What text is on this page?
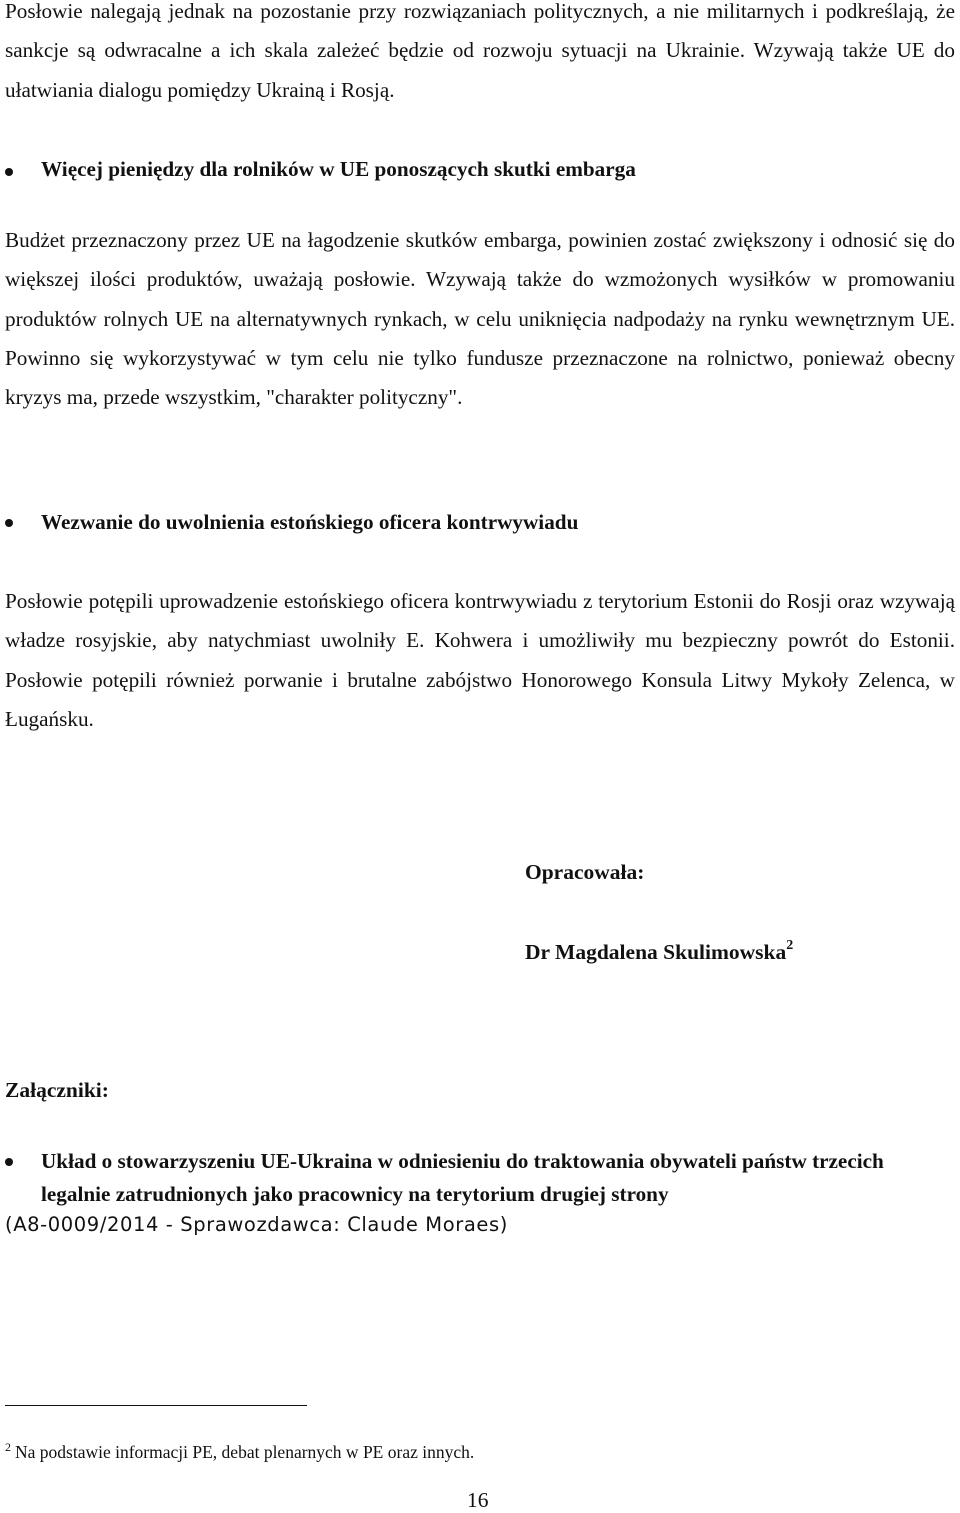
Posłowie nalegają jednak na pozostanie przy rozwiązaniach politycznych, a nie militarnych i podkreślają, że sankcje są odwracalne a ich skala zależeć będzie od rozwoju sytuacji na Ukrainie. Wzywają także UE do ułatwiania dialogu pomiędzy Ukrainą i Rosją.

Więcej pieniędzy dla rolników w UE ponoszących skutki embarga

Budżet przeznaczony przez UE na łagodzenie skutków embarga, powinien zostać zwiększony i odnosić się do większej ilości produktów, uważają posłowie. Wzywają także do wzmożonych wysiłków w promowaniu produktów rolnych UE na alternatywnych rynkach, w celu uniknięcia nadpodaży na rynku wewnętrznym UE. Powinno się wykorzystywać w tym celu nie tylko fundusze przeznaczone na rolnictwo, ponieważ obecny kryzys ma, przede wszystkim, "charakter polityczny".

Wezwanie do uwolnienia estońskiego oficera kontrwywiadu

Posłowie potępili uprowadzenie estońskiego oficera kontrwywiadu z terytorium Estonii do Rosji oraz wzywają władze rosyjskie, aby natychmiast uwolniły E. Kohwera i umożliwiły mu bezpieczny powrót do Estonii. Posłowie potępili również porwanie i brutalne zabójstwo Honorowego Konsula Litwy Mykoły Zelenca, w Ługańsku.

Opracowała:
Dr Magdalena Skulimowska$^2$
Załączniki:
Układ o stowarzyszeniu UE-Ukraina w odniesieniu do traktowania obywateli państw trzecich legalnie zatrudnionych jako pracownicy na terytorium drugiej strony
(A8-0009/2014 - Sprawozdawca: Claude Moraes)
$^2$ Na podstawie informacji PE, debat plenarnych w PE oraz innych.
16
